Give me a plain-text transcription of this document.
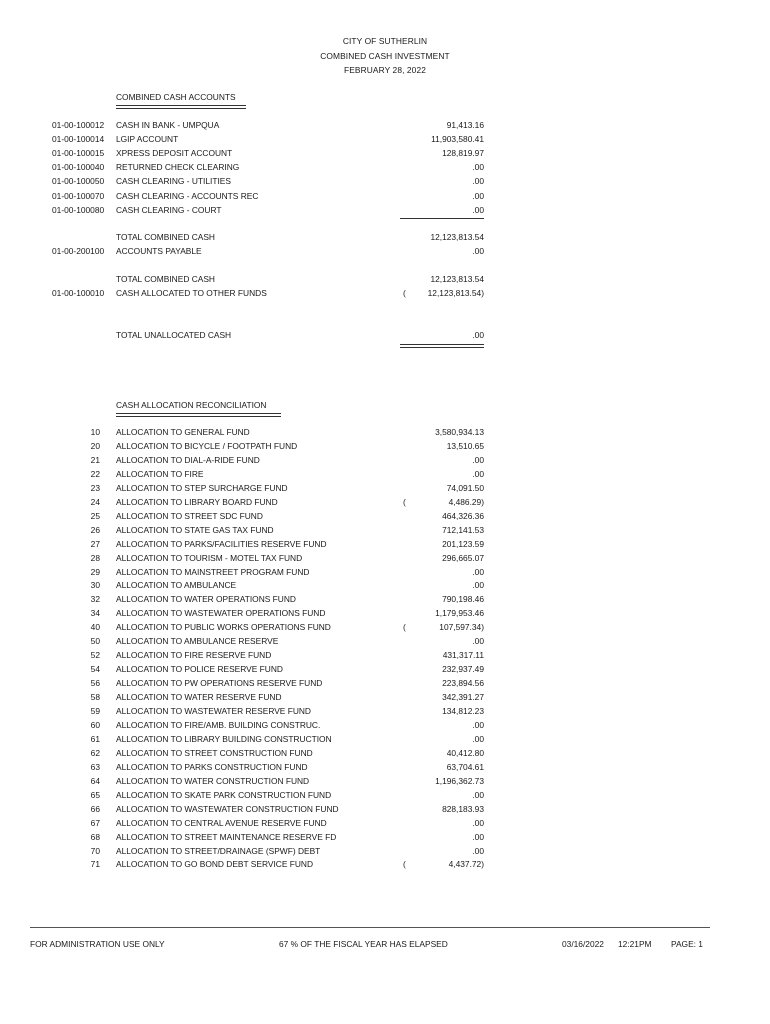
CITY OF SUTHERLIN
COMBINED CASH INVESTMENT
FEBRUARY 28, 2022
COMBINED CASH ACCOUNTS
01-00-100012 CASH IN BANK - UMPQUA	91,413.16
01-00-100014 LGIP ACCOUNT	11,903,580.41
01-00-100015 XPRESS DEPOSIT ACCOUNT	128,819.97
01-00-100040 RETURNED CHECK CLEARING	.00
01-00-100050 CASH CLEARING - UTILITIES	.00
01-00-100070 CASH CLEARING - ACCOUNTS REC	.00
01-00-100080 CASH CLEARING - COURT	.00
TOTAL COMBINED CASH	12,123,813.54
01-00-200100 ACCOUNTS PAYABLE	.00
TOTAL COMBINED CASH	12,123,813.54
01-00-100010 CASH ALLOCATED TO OTHER FUNDS	(	12,123,813.54)
TOTAL UNALLOCATED CASH	.00
CASH ALLOCATION RECONCILIATION
10 ALLOCATION TO GENERAL FUND	3,580,934.13
20 ALLOCATION TO BICYCLE / FOOTPATH FUND	13,510.65
21 ALLOCATION TO DIAL-A-RIDE FUND	.00
22 ALLOCATION TO FIRE	.00
23 ALLOCATION TO STEP SURCHARGE FUND	74,091.50
24 ALLOCATION TO LIBRARY BOARD FUND	(	4,486.29)
25 ALLOCATION TO STREET SDC FUND	464,326.36
26 ALLOCATION TO STATE GAS TAX FUND	712,141.53
27 ALLOCATION TO PARKS/FACILITIES RESERVE FUND	201,123.59
28 ALLOCATION TO TOURISM - MOTEL TAX FUND	296,665.07
29 ALLOCATION TO MAINSTREET PROGRAM FUND	.00
30 ALLOCATION TO AMBULANCE	.00
32 ALLOCATION TO WATER OPERATIONS FUND	790,198.46
34 ALLOCATION TO WASTEWATER OPERATIONS FUND	1,179,953.46
40 ALLOCATION TO PUBLIC WORKS OPERATIONS FUND	(	107,597.34)
50 ALLOCATION TO AMBULANCE RESERVE	.00
52 ALLOCATION TO FIRE RESERVE FUND	431,317.11
54 ALLOCATION TO POLICE RESERVE FUND	232,937.49
56 ALLOCATION TO PW OPERATIONS RESERVE FUND	223,894.56
58 ALLOCATION TO WATER RESERVE FUND	342,391.27
59 ALLOCATION TO WASTEWATER RESERVE FUND	134,812.23
60 ALLOCATION TO FIRE/AMB. BUILDING CONSTRUC.	.00
61 ALLOCATION TO LIBRARY BUILDING CONSTRUCTION	.00
62 ALLOCATION TO STREET CONSTRUCTION FUND	40,412.80
63 ALLOCATION TO PARKS CONSTRUCTION FUND	63,704.61
64 ALLOCATION TO WATER CONSTRUCTION FUND	1,196,362.73
65 ALLOCATION TO SKATE PARK CONSTRUCTION FUND	.00
66 ALLOCATION TO WASTEWATER CONSTRUCTION FUND	828,183.93
67 ALLOCATION TO CENTRAL AVENUE RESERVE FUND	.00
68 ALLOCATION TO STREET MAINTENANCE RESERVE FD	.00
70 ALLOCATION TO STREET/DRAINAGE (SPWF) DEBT	.00
71 ALLOCATION TO GO BOND DEBT SERVICE FUND	(	4,437.72)
FOR ADMINISTRATION USE ONLY	67 % OF THE FISCAL YEAR HAS ELAPSED	03/16/2022 12:21PM PAGE: 1
